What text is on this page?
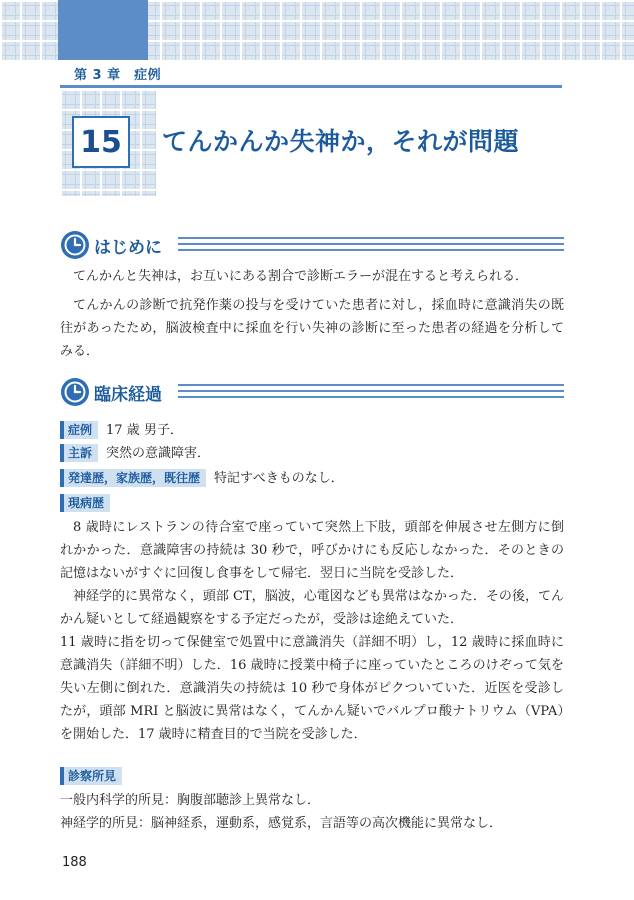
第 3 章　症例
15 てんかんか失神か，それが問題
はじめに

てんかんと失神は，お互いにある割合で診断エラーが混在すると考えられる．

てんかんの診断で抗発作薬の投与を受けていた患者に対し，採血時に意識消失の既往があったため，脳波検査中に採血を行い失神の診断に至った患者の経過を分析してみる．

臨床経過
症例 17 歳 男子．
主訴 突然の意識障害．
発達歴，家族歴，既往歴 特記すべきものなし．
現病歴

8 歳時にレストランの待合室で座っていて突然上下肢，頭部を伸展させ左側方に倒れかかった．意識障害の持続は 30 秒で，呼びかけにも反応しなかった．そのときの記憶はないがすぐに回復し食事をして帰宅．翌日に当院を受診した．

神経学的に異常なく，頭部 CT，脳波，心電図なども異常はなかった．その後，てんかん疑いとして経過観察をする予定だったが，受診は途絶えていた．

11 歳時に指を切って保健室で処置中に意識消失（詳細不明）し，12 歳時に採血時に意識消失（詳細不明）した．16 歳時に授業中椅子に座っていたところのけぞって気を失い左側に倒れた．意識消失の持続は 10 秒で身体がピクついていた．近医を受診したが，頭部 MRI と脳波に異常はなく，てんかん疑いでバルプロ酸ナトリウム（VPA）を開始した．17 歳時に精査目的で当院を受診した．

診察所見

一般内科学的所見：胸腹部聴診上異常なし．

神経学的所見：脳神経系，運動系，感覚系，言語等の高次機能に異常なし．

188
